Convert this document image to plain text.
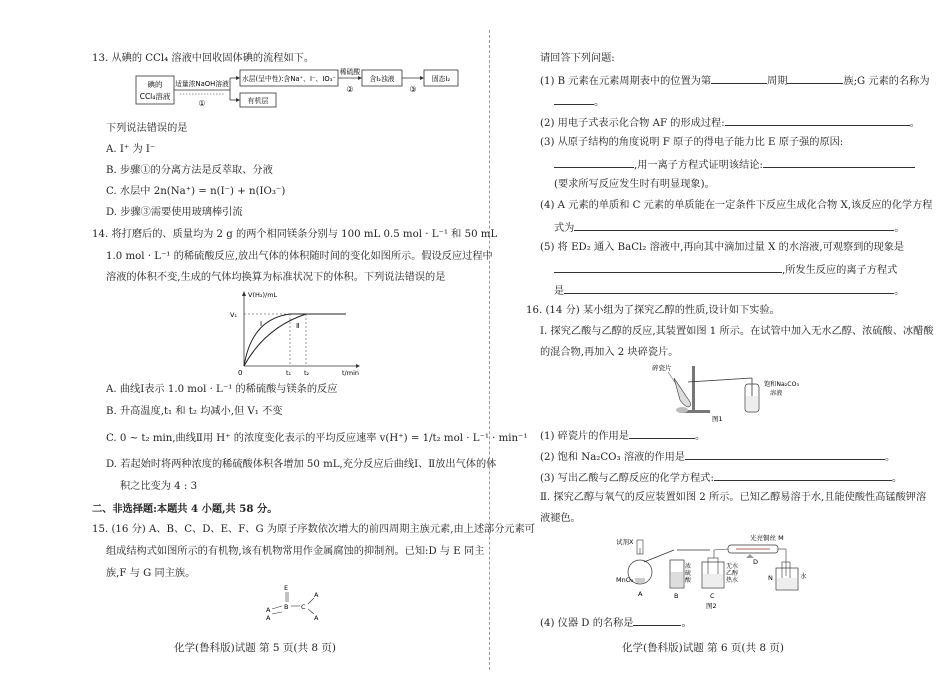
13. 从碘的 CCl₄ 溶液中回收固体碘的流程如下。
碘的
CCl₄溶液
适量浓NaOH溶液
①
水层(呈中性):含Na⁺、I⁻、IO₃⁻
有机层
稀硫酸
②
含I₂浊液
③
固态I₂
下列说法错误的是
A. I⁺ 为 I⁻
B. 步骤①的分离方法是反萃取、分液
C. 水层中 2n(Na⁺) = n(I⁻) + n(IO₃⁻)
D. 步骤③需要使用玻璃棒引流
14. 将打磨后的、质量均为 2 g 的两个相同镁条分别与 100 mL 0.5 mol · L⁻¹ 和 50 mL
1.0 mol · L⁻¹ 的稀硫酸反应,放出气体的体积随时间的变化如图所示。假设反应过程中
溶液的体积不变,生成的气体均换算为标准状况下的体积。下列说法错误的是
V(H₂)/mL
t/min
0
V₁
t₁ t₂
Ⅰ	Ⅱ
A. 曲线Ⅰ表示 1.0 mol · L⁻¹ 的稀硫酸与镁条的反应
B. 升高温度,t₁ 和 t₂ 均减小,但 V₁ 不变
C. 0 ~ t₂ min,曲线Ⅱ用 H⁺ 的浓度变化表示的平均反应速率 v(H⁺) = 1/t₂ mol · L⁻¹ · min⁻¹
D. 若起始时将两种浓度的稀硫酸体积各增加 50 mL,充分反应后曲线Ⅰ、Ⅱ放出气体的体
积之比变为 4 : 3
二、非选择题:本题共 4 小题,共 58 分。
15. (16 分) A、B、C、D、E、F、G 为原子序数依次增大的前四周期主族元素,由上述部分元素可
组成结构式如图所示的有机物,该有机物常用作金属腐蚀的抑制剂。已知:D 与 E 同主
族,F 与 G 同主族。
E
A B C
A
A
A
化学(鲁科版)试题 第 5 页(共 8 页)
请回答下列问题:
(1) B 元素在元素周期表中的位置为第	周期	族;G 元素的名称为
。
(2) 用电子式表示化合物 AF 的形成过程:	。
(3) 从原子结构的角度说明 F 原子的得电子能力比 E 原子强的原因:
,用一离子方程式证明该结论:
(要求所写反应发生时有明显现象)。
(4) A 元素的单质和 C 元素的单质能在一定条件下反应生成化合物 X,该反应的化学方程
式为	。
(5) 将 ED₂ 通入 BaCl₂ 溶液中,再向其中滴加过量 X 的水溶液,可观察到的现象是
,所发生反应的离子方程式
是	。
16. (14 分) 某小组为了探究乙醇的性质,设计如下实验。
Ⅰ. 探究乙酸与乙醇的反应,其装置如图 1 所示。在试管中加入无水乙醇、浓硫酸、冰醋酸
的混合物,再加入 2 块碎瓷片。
碎瓷片
饱和Na₂CO₃
溶液
图1
(1) 碎瓷片的作用是	。
(2) 饱和 Na₂CO₃ 溶液的作用是	。
(3) 写出乙酸与乙醇反应的化学方程式:	。
Ⅱ. 探究乙醇与氧气的反应装置如图 2 所示。已知乙醇易溶于水,且能使酸性高锰酸钾溶
液褪色。
试剂X
MnO₂
A
浓
硫
酸
B
无水
乙醇
热水
C
光亮铜丝 M
D
N	水
图2
(4) 仪器 D 的名称是	。
化学(鲁科版)试题 第 6 页(共 8 页)
